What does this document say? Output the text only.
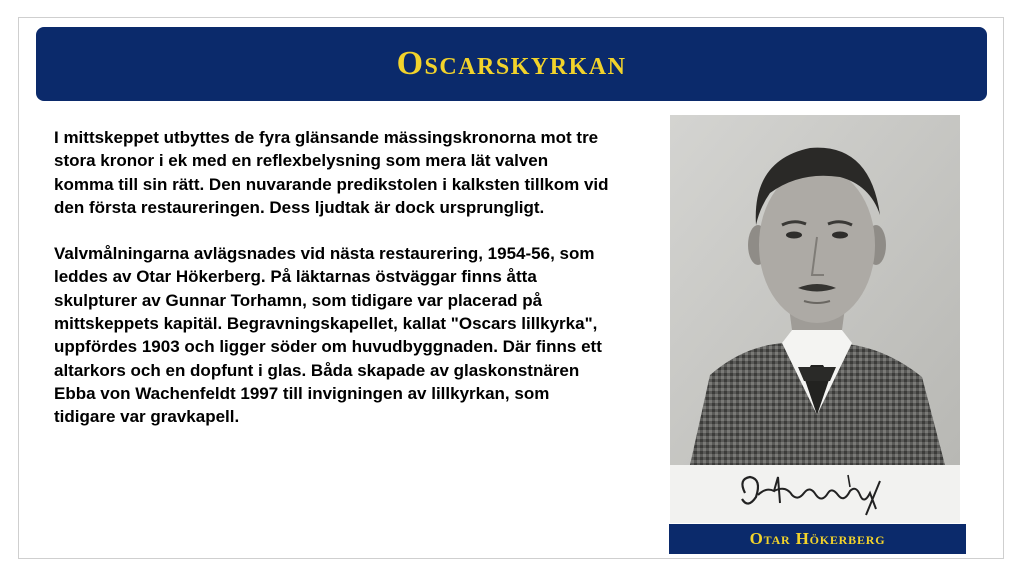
Oscarskyrkan

I mittskeppet utbyttes de fyra glänsande mässingskronorna mot tre stora kronor i ek med en reflexbelysning som mera lät valven komma till sin rätt. Den nuvarande predikstolen i kalksten tillkom vid den första restaureringen. Dess ljudtak är dock ursprungligt.

Valvmålningarna avlägsnades vid nästa restaurering, 1954-56, som leddes av Otar Hökerberg. På läktarnas östväggar finns åtta skulpturer av Gunnar Torhamn, som tidigare var placerad på mittskeppets kapitäl. Begravningskapellet, kallat "Oscars lillkyrka", uppfördes 1903 och ligger söder om huvudbyggnaden. Där finns ett altarkors och en dopfunt i glas. Båda skapade av glaskonstnären Ebba von Wachenfeldt 1997 till invigningen av lillkyrkan, som tidigare var gravkapell.

Otar Hökerberg
